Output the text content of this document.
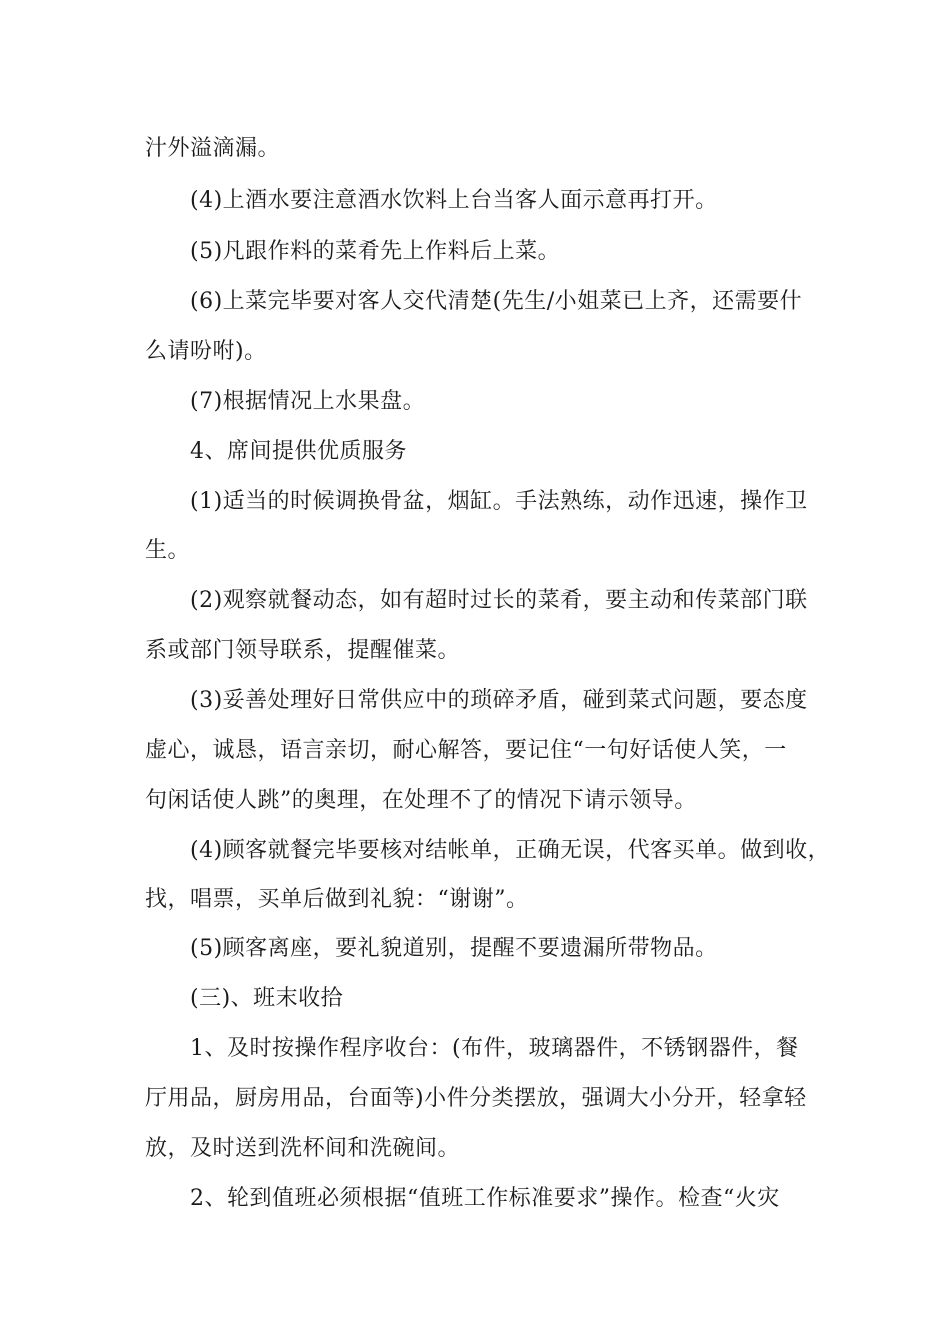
汁外溢滴漏。
(4)上酒水要注意酒水饮料上台当客人面示意再打开。
(5)凡跟作料的菜肴先上作料后上菜。
(6)上菜完毕要对客人交代清楚(先生/小姐菜已上齐，还需要什
么请吩咐)。
(7)根据情况上水果盘。
4、席间提供优质服务
(1)适当的时候调换骨盆，烟缸。手法熟练，动作迅速，操作卫
生。
(2)观察就餐动态，如有超时过长的菜肴，要主动和传菜部门联
系或部门领导联系，提醒催菜。
(3)妥善处理好日常供应中的琐碎矛盾，碰到菜式问题，要态度
虚心，诚恳，语言亲切，耐心解答，要记住“一句好话使人笑，一
句闲话使人跳”的奥理，在处理不了的情况下请示领导。
(4)顾客就餐完毕要核对结帐单，正确无误，代客买单。做到收，
找，唱票，买单后做到礼貌：“谢谢”。
(5)顾客离座，要礼貌道别，提醒不要遗漏所带物品。
(三)、班末收拾
1、及时按操作程序收台：(布件，玻璃器件，不锈钢器件，餐
厅用品，厨房用品，台面等)小件分类摆放，强调大小分开，轻拿轻
放，及时送到洗杯间和洗碗间。
2、轮到值班必须根据“值班工作标准要求”操作。检查“火灾
